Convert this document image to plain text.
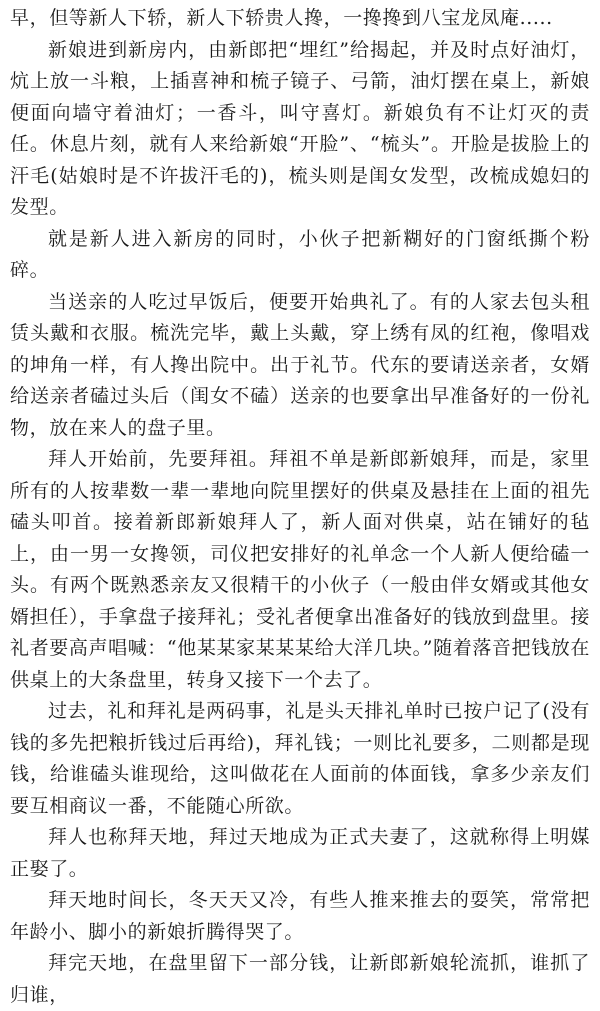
早，但等新人下轿，新人下轿贵人搀，一搀搀到八宝龙凤庵.....

新娘进到新房内，由新郎把“埋红”给揭起，并及时点好油灯，炕上放一斗粮，上插喜神和梳子镜子、弓箭，油灯摆在桌上，新娘便面向墙守着油灯；一香斗，叫守喜灯。新娘负有不让灯灭的责任。休息片刻，就有人来给新娘“开脸”、“梳头”。开脸是拔脸上的汗毛(姑娘时是不许拔汗毛的)，梳头则是闺女发型，改梳成媳妇的发型。

就是新人进入新房的同时，小伙子把新糊好的门窗纸撕个粉碎。

当送亲的人吃过早饭后，便要开始典礼了。有的人家去包头租赁头戴和衣服。梳洗完毕，戴上头戴，穿上绣有凤的红袍，像唱戏的坤角一样，有人搀出院中。出于礼节。代东的要请送亲者，女婿给送亲者磕过头后（闺女不磕）送亲的也要拿出早准备好的一份礼物，放在来人的盘子里。

拜人开始前，先要拜祖。拜祖不单是新郎新娘拜，而是，家里所有的人按辈数一辈一辈地向院里摆好的供桌及悬挂在上面的祖先磕头叩首。接着新郎新娘拜人了，新人面对供桌，站在铺好的毡上，由一男一女搀领，司仪把安排好的礼单念一个人新人便给磕一头。有两个既熟悉亲友又很精干的小伙子（一般由伴女婿或其他女婿担任），手拿盘子接拜礼；受礼者便拿出准备好的钱放到盘里。接礼者要高声唱喊：“他某某家某某某给大洋几块。”随着落音把钱放在供桌上的大条盘里，转身又接下一个去了。

过去，礼和拜礼是两码事，礼是头天排礼单时已按户记了(没有钱的多先把粮折钱过后再给)，拜礼钱；一则比礼要多，二则都是现钱，给谁磕头谁现给，这叫做花在人面前的体面钱，拿多少亲友们要互相商议一番，不能随心所欲。

拜人也称拜天地，拜过天地成为正式夫妻了，这就称得上明媒正娶了。

拜天地时间长，冬天天又冷，有些人推来推去的耍笑，常常把年龄小、脚小的新娘折腾得哭了。

拜完天地，在盘里留下一部分钱，让新郎新娘轮流抓，谁抓了归谁，
